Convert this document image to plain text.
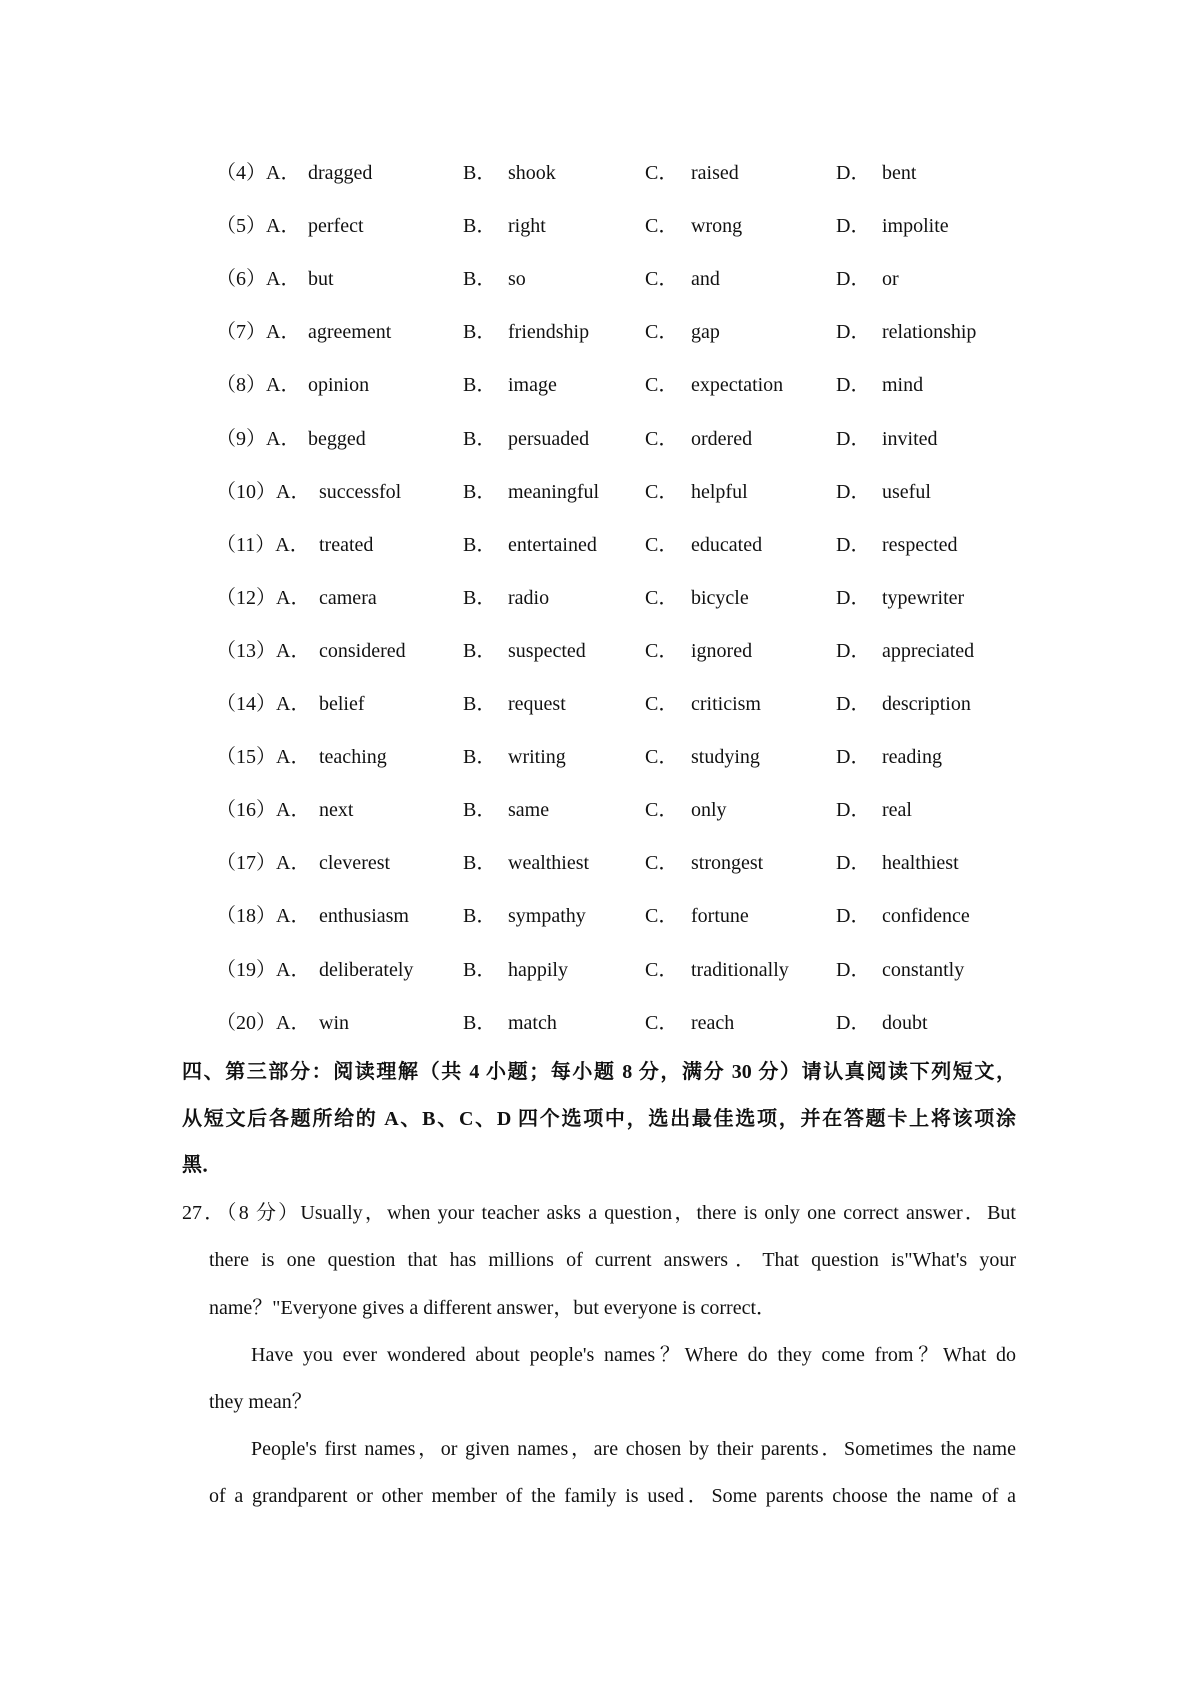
（4）A． dragged	B． shook	C． raised	D． bent
（5）A． perfect	B． right	C． wrong	D． impolite
（6）A． but	B． so	C． and	D． or
（7）A． agreement	B． friendship	C． gap	D． relationship
（8）A． opinion	B． image	C． expectation	D． mind
（9）A． begged	B． persuaded	C． ordered	D． invited
（10）A． successfol	B． meaningful C． helpful	D． useful
（11）A． treated	B． entertained C． educated	D． respected
（12）A． camera	B． radio	C． bicycle	D． typewriter
（13）A． considered	B． suspected	C． ignored	D． appreciated
（14）A． belief	B． request	C． criticism	D． description
（15）A． teaching	B． writing	C． studying	D． reading
（16）A． next	B． same	C． only	D． real
（17）A． cleverest	B． wealthiest	C． strongest	D． healthiest
（18）A． enthusiasm	B． sympathy	C． fortune	D． confidence
（19）A． deliberately B． happily	C． traditionally D． constantly
（20）A． win	B． match	C． reach	D． doubt
四、第三部分：阅读理解（共 4 小题；每小题 8 分，满分 30 分）请认真阅读下列短文，
从短文后各题所给的 A、B、C、D 四个选项中，选出最佳选项，并在答题卡上将该项涂
黑．
27．（8 分）Usually，when your teacher asks a question，there is only one correct answer．But
there is one question that has millions of current answers．That question is"What's your
name？"Everyone gives a different answer，but everyone is correct．
Have you ever wondered about people's names？Where do they come from？What do
they mean？
People's first names，or given names，are chosen by their parents．Sometimes the name
of a grandparent or other member of the family is used．Some parents choose the name of a
